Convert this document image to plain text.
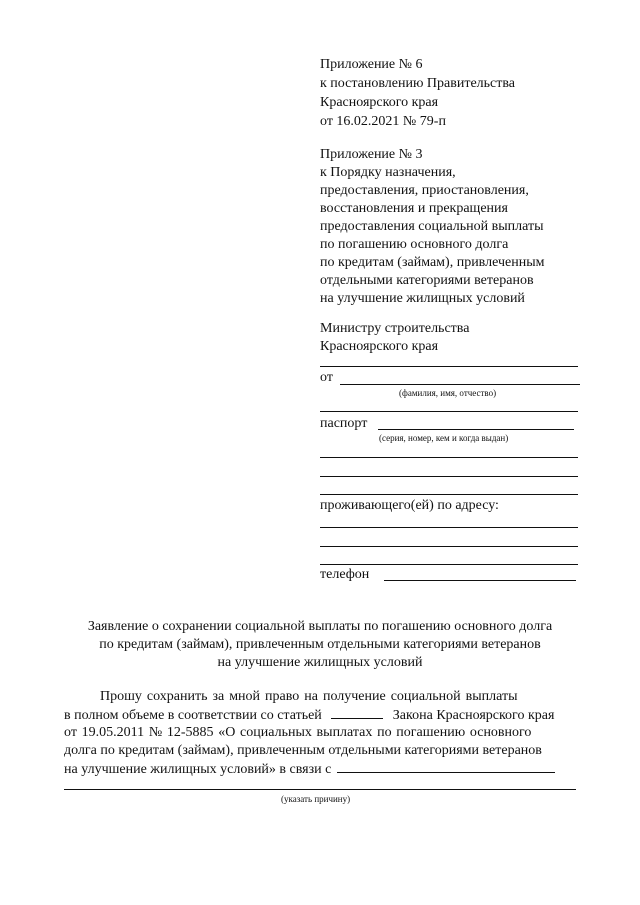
Приложение № 6
к постановлению Правительства
Красноярского края
от 16.02.2021 № 79-п
Приложение № 3
к Порядку назначения,
предоставления, приостановления,
восстановления и прекращения
предоставления социальной выплаты
по погашению основного долга
по кредитам (займам), привлеченным
отдельными категориями ветеранов
на улучшение жилищных условий
Министру строительства
Красноярского края
от
(фамилия, имя, отчество)
паспорт
(серия, номер, кем и когда выдан)
проживающего(ей) по адресу:
телефон
Заявление о сохранении социальной выплаты по погашению основного долга
по кредитам (займам), привлеченным отдельными категориями ветеранов
на улучшение жилищных условий
Прошу сохранить за мной право на получение социальной выплаты
в полном объеме в соответствии со статьей	Закона Красноярского края
от 19.05.2011 № 12-5885 «О социальных выплатах по погашению основного
долга по кредитам (займам), привлеченным отдельными категориями ветеранов
на улучшение жилищных условий» в связи с
(указать причину)
